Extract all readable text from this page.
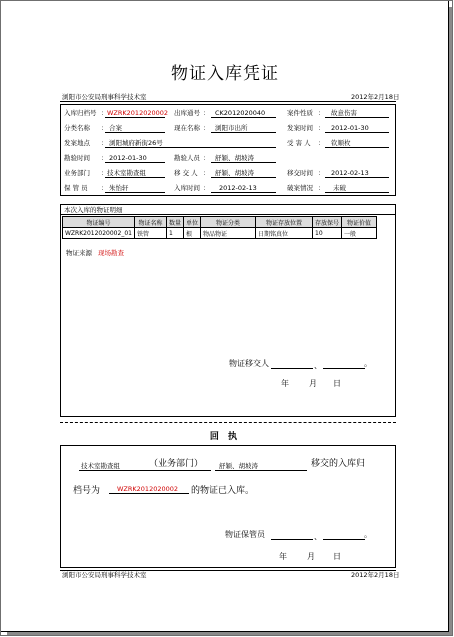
物证入库凭证
浏阳市公安局刑事科学技术室	2012年2月18日
入库归档号 ： WZRK2012020002 出库通号 ： CK2012020040	案件性质 ： 故意伤害
分类名称 ： 合案	现在名称 ： 浏阳市出所	发案时间 ： 2012-01-30
发案地点 ： 浏阳城府新街26号	受 害 人 ： 钦顺枚
勘验时间 ： 2012-01-30	勘验人员 ： 舒颖、胡坡涛
业务部门 ： 技术室勘查组	移 交 人 ： 舒颖、胡坡涛	移交时间 ： 2012-02-13
保 管 员 ： 朱怡轩	入库时间 ： 2012-02-13	破案情况 ： 未破
本次入库的物证明细
物证编号	物证名称	数量	单位	物证分类	物证存放位置	存放保号	物证价值
WZRK2012020002_01	铁管	1	根	物品物证	日期铭真位	10	一般
物证来源 现场勘查
物证移交人	、	。
年	月 日
回 执
技术室勘查组	（业务部门） 舒颖、胡坡涛	移交的入库归
档号为	WZRK2012020002 的物证已入库。
物证保管员	、	。
年	月 日
浏阳市公安局刑事科学技术室	2012年2月18日
